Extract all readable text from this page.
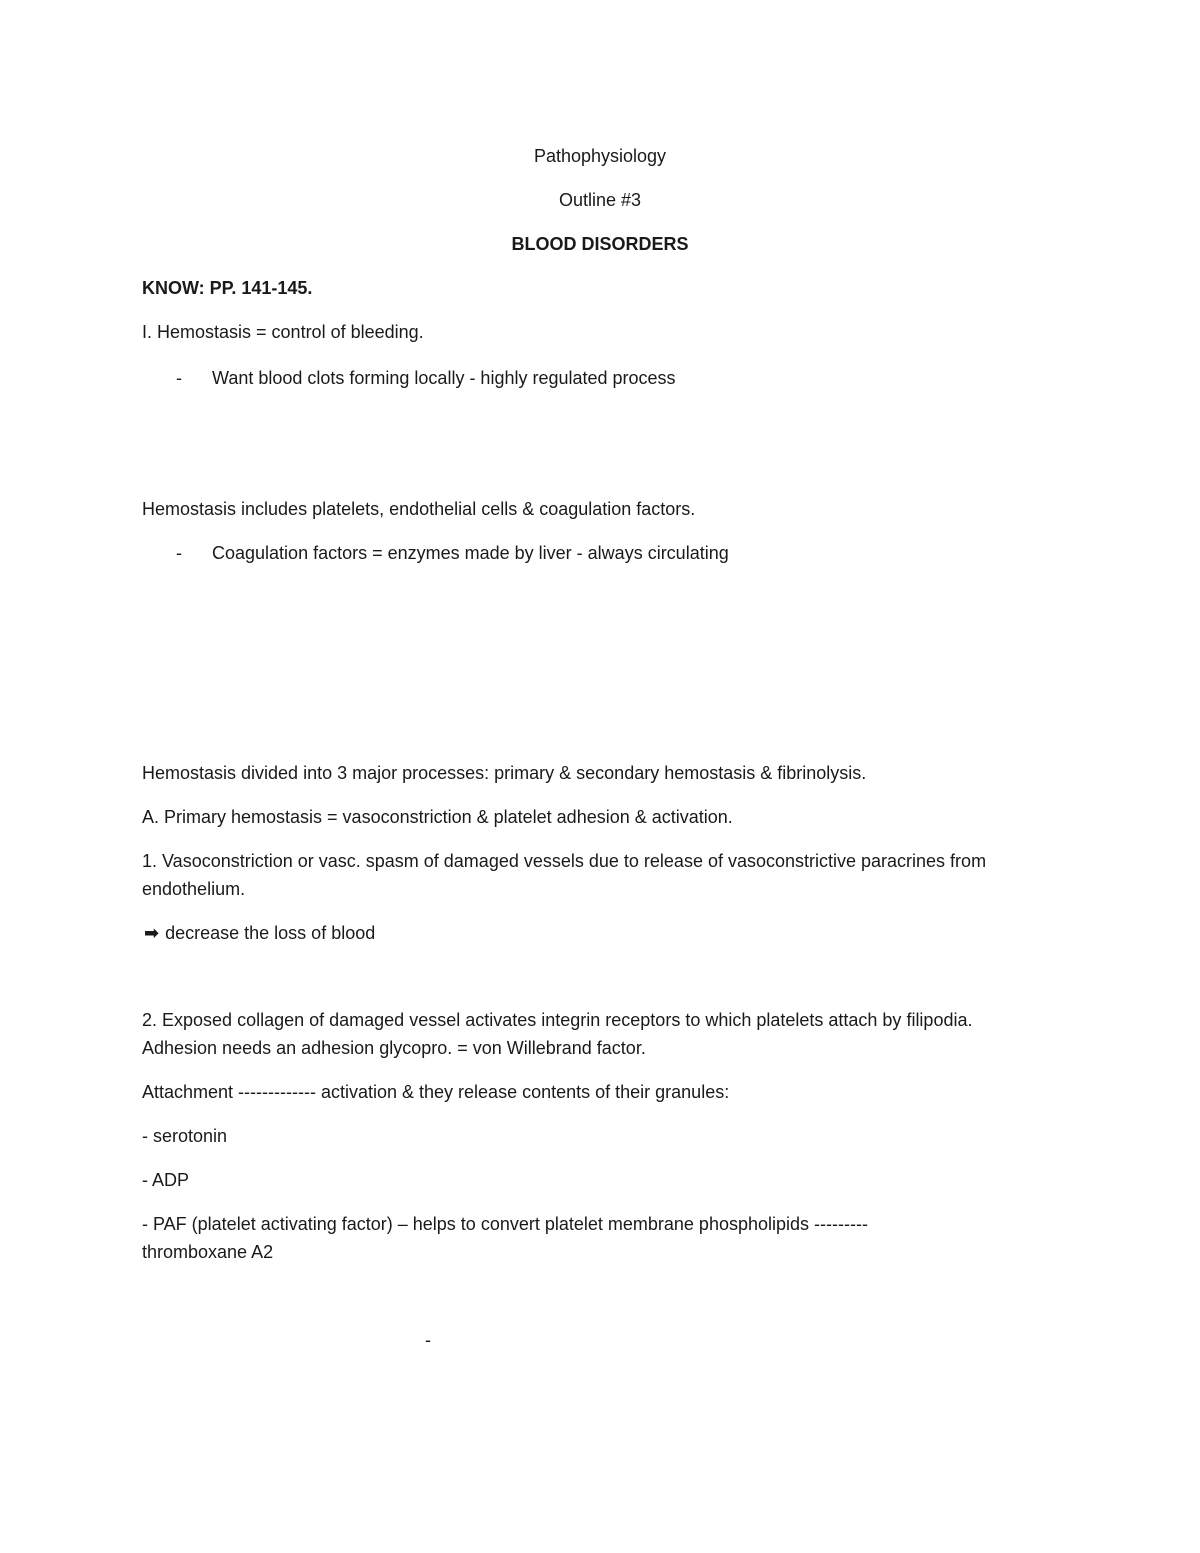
Pathophysiology
Outline #3
BLOOD DISORDERS
KNOW: PP. 141-145.
I. Hemostasis = control of bleeding.
- Want blood clots forming locally - highly regulated process
Hemostasis includes platelets, endothelial cells & coagulation factors.
- Coagulation factors = enzymes made by liver - always circulating
Hemostasis divided into 3 major processes: primary & secondary hemostasis & fibrinolysis.
A. Primary hemostasis = vasoconstriction & platelet adhesion & activation.
1. Vasoconstriction or vasc. spasm of damaged vessels due to release of vasoconstrictive paracrines from
endothelium.
➡ decrease the loss of blood
2. Exposed collagen of damaged vessel activates integrin receptors to which platelets attach by filipodia.
Adhesion needs an adhesion glycopro. = von Willebrand factor.
Attachment ------------- activation & they release contents of their granules:
- serotonin
- ADP
- PAF (platelet activating factor) – helps to convert platelet membrane phospholipids ---------
thromboxane A2
-
